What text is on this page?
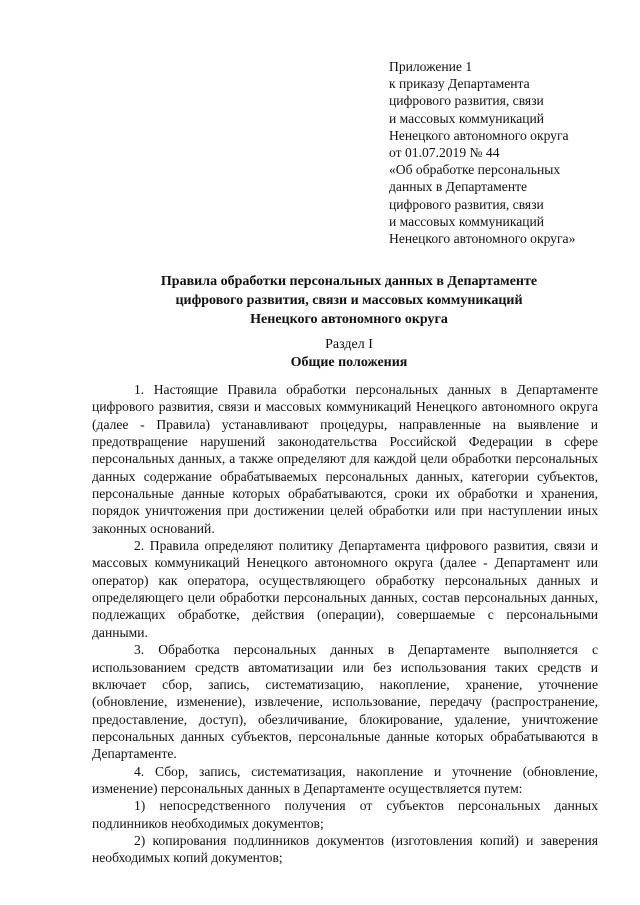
Приложение 1
к приказу Департамента
цифрового развития, связи
и массовых коммуникаций
Ненецкого автономного округа
от 01.07.2019 № 44
«Об обработке персональных
данных в Департаменте
цифрового развития, связи
и массовых коммуникаций
Ненецкого автономного округа»
Правила обработки персональных данных в Департаменте
цифрового развития, связи и массовых коммуникаций
Ненецкого автономного округа
Раздел I
Общие положения

1. Настоящие Правила обработки персональных данных в Департаменте цифрового развития, связи и массовых коммуникаций Ненецкого автономного округа (далее - Правила) устанавливают процедуры, направленные на выявление и предотвращение нарушений законодательства Российской Федерации в сфере персональных данных, а также определяют для каждой цели обработки персональных данных содержание обрабатываемых персональных данных, категории субъектов, персональные данные которых обрабатываются, сроки их обработки и хранения, порядок уничтожения при достижении целей обработки или при наступлении иных законных оснований.

2. Правила определяют политику Департамента цифрового развития, связи и массовых коммуникаций Ненецкого автономного округа (далее - Департамент или оператор) как оператора, осуществляющего обработку персональных данных и определяющего цели обработки персональных данных, состав персональных данных, подлежащих обработке, действия (операции), совершаемые с персональными данными.

3. Обработка персональных данных в Департаменте выполняется с использованием средств автоматизации или без использования таких средств и включает сбор, запись, систематизацию, накопление, хранение, уточнение (обновление, изменение), извлечение, использование, передачу (распространение, предоставление, доступ), обезличивание, блокирование, удаление, уничтожение персональных данных субъектов, персональные данные которых обрабатываются в Департаменте.

4. Сбор, запись, систематизация, накопление и уточнение (обновление, изменение) персональных данных в Департаменте осуществляется путем:

1) непосредственного получения от субъектов персональных данных подлинников необходимых документов;

2) копирования подлинников документов (изготовления копий) и заверения необходимых копий документов;
